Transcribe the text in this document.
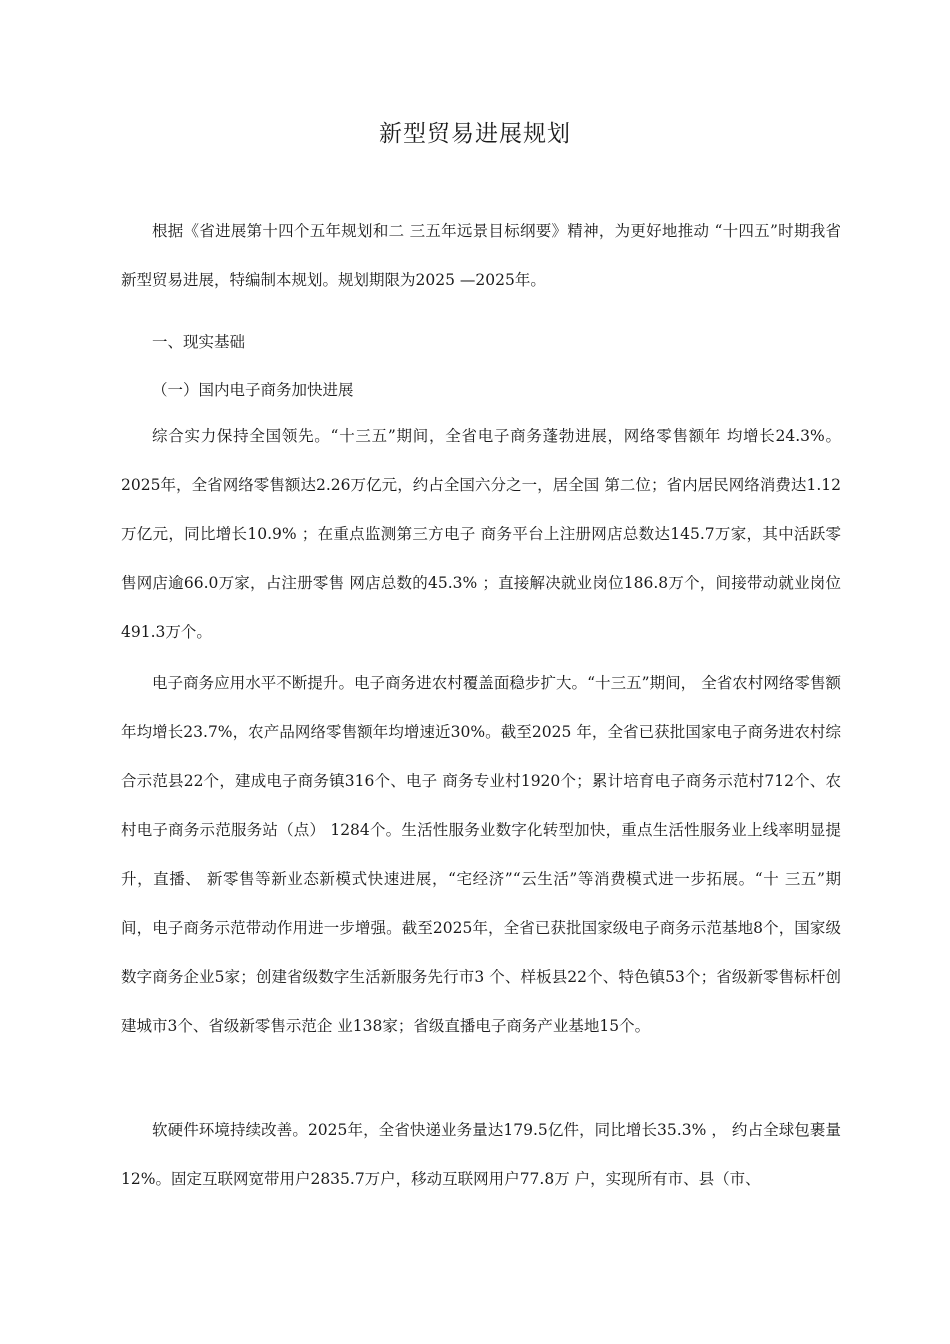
新型贸易进展规划

根据《省进展第十四个五年规划和二 三五年远景目标纲要》精神，为更好地推动 “十四五”时期我省新型贸易进展，特编制本规划。规划期限为2025 —2025年。

一、现实基础

（一）国内电子商务加快进展

综合实力保持全国领先。“十三五”期间，全省电子商务蓬勃进展，网络零售额年 均增长24.3%。2025年，全省网络零售额达2.26万亿元，约占全国六分之一，居全国 第二位；省内居民网络消费达1.12万亿元，同比增长10.9% ；在重点监测第三方电子 商务平台上注册网店总数达145.7万家，其中活跃零售网店逾66.0万家，占注册零售 网店总数的45.3% ；直接解决就业岗位186.8万个，间接带动就业岗位491.3万个。

电子商务应用水平不断提升。电子商务进农村覆盖面稳步扩大。“十三五”期间， 全省农村网络零售额年均增长23.7%，农产品网络零售额年均增速近30%。截至2025 年，全省已获批国家电子商务进农村综合示范县22个，建成电子商务镇316个、电子 商务专业村1920个；累计培育电子商务示范村712个、农村电子商务示范服务站（点） 1284个。生活性服务业数字化转型加快，重点生活性服务业上线率明显提升，直播、 新零售等新业态新模式快速进展，“宅经济”“云生活”等消费模式进一步拓展。“十 三五”期间，电子商务示范带动作用进一步增强。截至2025年，全省已获批国家级电子商务示范基地8个，国家级数字商务企业5家；创建省级数字生活新服务先行市3 个、样板县22个、特色镇53个；省级新零售标杆创建城市3个、省级新零售示范企 业138家；省级直播电子商务产业基地15个。

软硬件环境持续改善。2025年，全省快递业务量达179.5亿件，同比增长35.3% ， 约占全球包裹量12%。固定互联网宽带用户2835.7万户，移动互联网用户77.8万 户，实现所有市、县（市、
